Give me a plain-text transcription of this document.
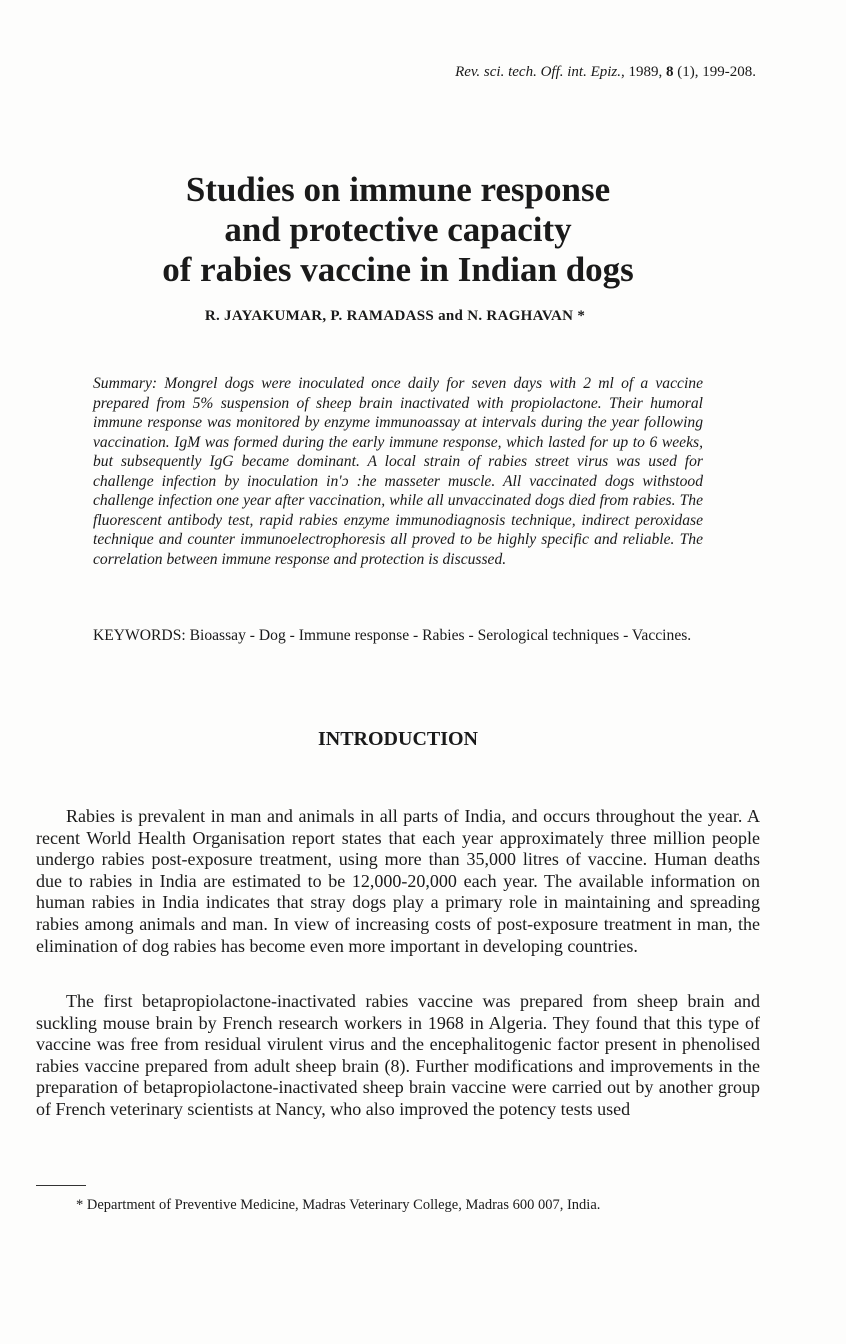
Rev. sci. tech. Off. int. Epiz., 1989, 8 (1), 199-208.
Studies on immune response
and protective capacity
of rabies vaccine in Indian dogs
R. JAYAKUMAR, P. RAMADASS and N. RAGHAVAN *
Summary: Mongrel dogs were inoculated once daily for seven days with 2 ml of a vaccine prepared from 5% suspension of sheep brain inactivated with propiolactone. Their humoral immune response was monitored by enzyme immunoassay at intervals during the year following vaccination. IgM was formed during the early immune response, which lasted for up to 6 weeks, but subsequently IgG became dominant. A local strain of rabies street virus was used for challenge infection by inoculation in'ɔ :he masseter muscle. All vaccinated dogs withstood challenge infection one year after vaccination, while all unvaccinated dogs died from rabies. The fluorescent antibody test, rapid rabies enzyme immunodiagnosis technique, indirect peroxidase technique and counter immunoelectrophoresis all proved to be highly specific and reliable. The correlation between immune response and protection is discussed.
KEYWORDS: Bioassay - Dog - Immune response - Rabies - Serological techniques - Vaccines.
INTRODUCTION

Rabies is prevalent in man and animals in all parts of India, and occurs throughout the year. A recent World Health Organisation report states that each year approximately three million people undergo rabies post-exposure treatment, using more than 35,000 litres of vaccine. Human deaths due to rabies in India are estimated to be 12,000-20,000 each year. The available information on human rabies in India indicates that stray dogs play a primary role in maintaining and spreading rabies among animals and man. In view of increasing costs of post-exposure treatment in man, the elimination of dog rabies has become even more important in developing countries.

The first betapropiolactone-inactivated rabies vaccine was prepared from sheep brain and suckling mouse brain by French research workers in 1968 in Algeria. They found that this type of vaccine was free from residual virulent virus and the encephalitogenic factor present in phenolised rabies vaccine prepared from adult sheep brain (8). Further modifications and improvements in the preparation of betapropiolactone-inactivated sheep brain vaccine were carried out by another group of French veterinary scientists at Nancy, who also improved the potency tests used

* Department of Preventive Medicine, Madras Veterinary College, Madras 600 007, India.
